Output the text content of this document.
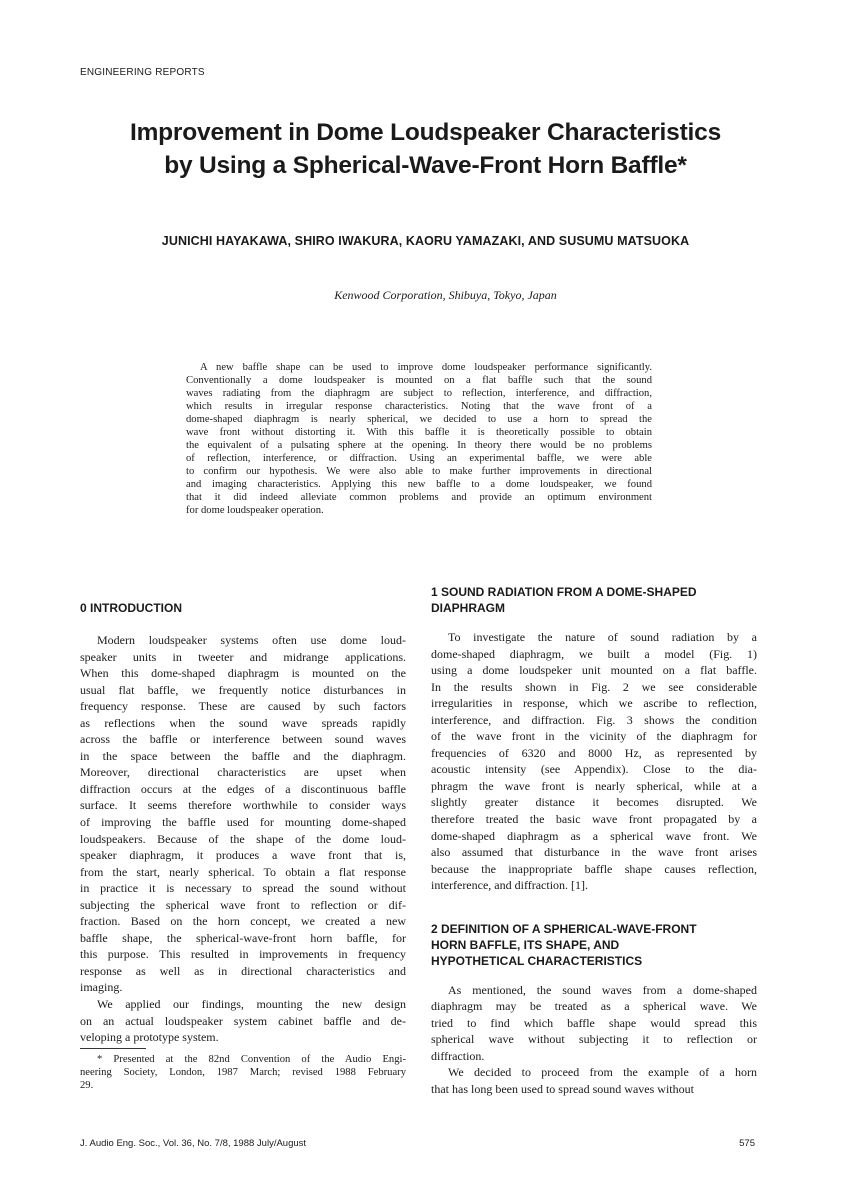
ENGINEERING REPORTS
Improvement in Dome Loudspeaker Characteristics
by Using a Spherical-Wave-Front Horn Baffle*
JUNICHI HAYAKAWA, SHIRO IWAKURA, KAORU YAMAZAKI, AND SUSUMU MATSUOKA
Kenwood Corporation, Shibuya, Tokyo, Japan
A new baffle shape can be used to improve dome loudspeaker performance significantly.
Conventionally a dome loudspeaker is mounted on a flat baffle such that the sound
waves radiating from the diaphragm are subject to reflection, interference, and diffraction,
which results in irregular response characteristics. Noting that the wave front of a
dome-shaped diaphragm is nearly spherical, we decided to use a horn to spread the
wave front without distorting it. With this baffle it is theoretically possible to obtain
the equivalent of a pulsating sphere at the opening. In theory there would be no problems
of reflection, interference, or diffraction. Using an experimental baffle, we were able
to confirm our hypothesis. We were also able to make further improvements in directional
and imaging characteristics. Applying this new baffle to a dome loudspeaker, we found
that it did indeed alleviate common problems and provide an optimum environment
for dome loudspeaker operation.
0 INTRODUCTION
Modern loudspeaker systems often use dome loud-
speaker units in tweeter and midrange applications.
When this dome-shaped diaphragm is mounted on the
usual flat baffle, we frequently notice disturbances in
frequency response. These are caused by such factors
as reflections when the sound wave spreads rapidly
across the baffle or interference between sound waves
in the space between the baffle and the diaphragm.
Moreover, directional characteristics are upset when
diffraction occurs at the edges of a discontinuous baffle
surface. It seems therefore worthwhile to consider ways
of improving the baffle used for mounting dome-shaped
loudspeakers. Because of the shape of the dome loud-
speaker diaphragm, it produces a wave front that is,
from the start, nearly spherical. To obtain a flat response
in practice it is necessary to spread the sound without
subjecting the spherical wave front to reflection or dif-
fraction. Based on the horn concept, we created a new
baffle shape, the spherical-wave-front horn baffle, for
this purpose. This resulted in improvements in frequency
response as well as in directional characteristics and
imaging.
We applied our findings, mounting the new design
on an actual loudspeaker system cabinet baffle and de-
veloping a prototype system.
1 SOUND RADIATION FROM A DOME-SHAPED
DIAPHRAGM
To investigate the nature of sound radiation by a
dome-shaped diaphragm, we built a model (Fig. 1)
using a dome loudspeker unit mounted on a flat baffle.
In the results shown in Fig. 2 we see considerable
irregularities in response, which we ascribe to reflection,
interference, and diffraction. Fig. 3 shows the condition
of the wave front in the vicinity of the diaphragm for
frequencies of 6320 and 8000 Hz, as represented by
acoustic intensity (see Appendix). Close to the dia-
phragm the wave front is nearly spherical, while at a
slightly greater distance it becomes disrupted. We
therefore treated the basic wave front propagated by a
dome-shaped diaphragm as a spherical wave front. We
also assumed that disturbance in the wave front arises
because the inappropriate baffle shape causes reflection,
interference, and diffraction. [1].
2 DEFINITION OF A SPHERICAL-WAVE-FRONT
HORN BAFFLE, ITS SHAPE, AND
HYPOTHETICAL CHARACTERISTICS
As mentioned, the sound waves from a dome-shaped
diaphragm may be treated as a spherical wave. We
tried to find which baffle shape would spread this
spherical wave without subjecting it to reflection or
diffraction.
We decided to proceed from the example of a horn
that has long been used to spread sound waves without
* Presented at the 82nd Convention of the Audio Engi-
neering Society, London, 1987 March; revised 1988 February
29.
J. Audio Eng. Soc., Vol. 36, No. 7/8, 1988 July/August	575
